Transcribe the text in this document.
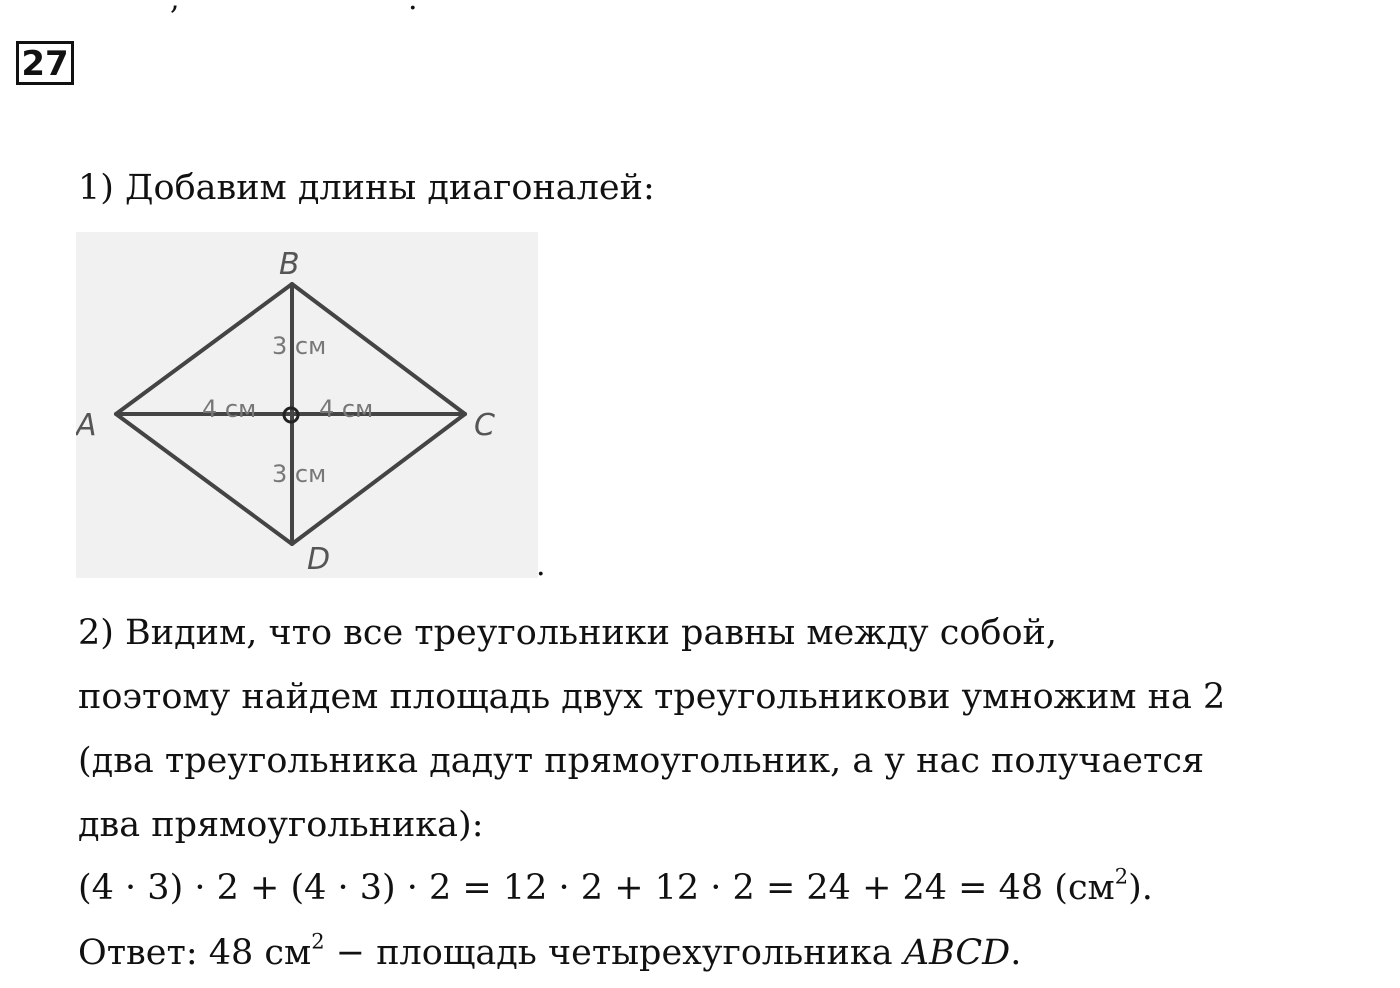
27
1) Добавим длины диагоналей:
B
A	C
D
3 см
3 см
4 см	4 см
.
2) Видим, что все треугольники равны между собой,
поэтому найдем площадь двух треугольникови умножим на 2
(два треугольника дадут прямоугольник, а у нас получается
два прямоугольника):
(4 · 3) · 2 + (4 · 3) · 2 = 12 · 2 + 12 · 2 = 24 + 24 = 48 $(см^2)$.
Ответ: 48 $см^2$ − площадь четырехугольника ABCD.
